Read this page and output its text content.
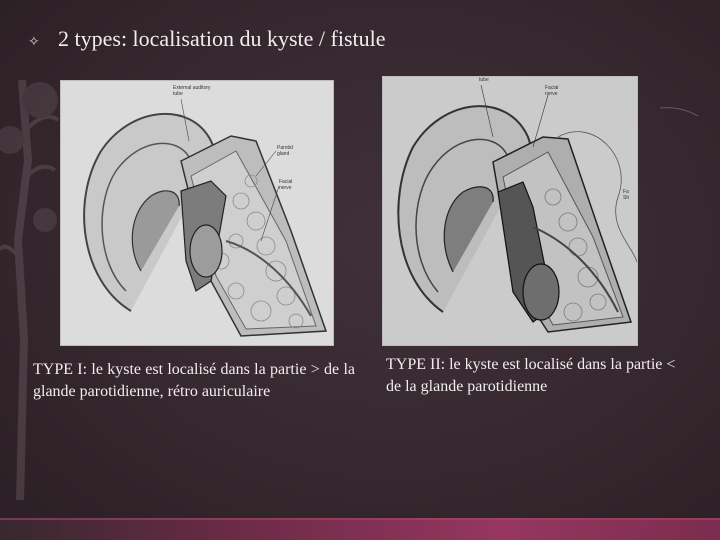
✧ 2 types: localisation du kyste / fistule
External auditory
tube
Parotid
gland
Facial
nerve
tube
Facial
nerve
Fa
Sh
TYPE I: le kyste est localisé dans la partie > de la glande parotidienne, rétro auriculaire
TYPE II: le kyste est localisé dans la partie < de la glande parotidienne
